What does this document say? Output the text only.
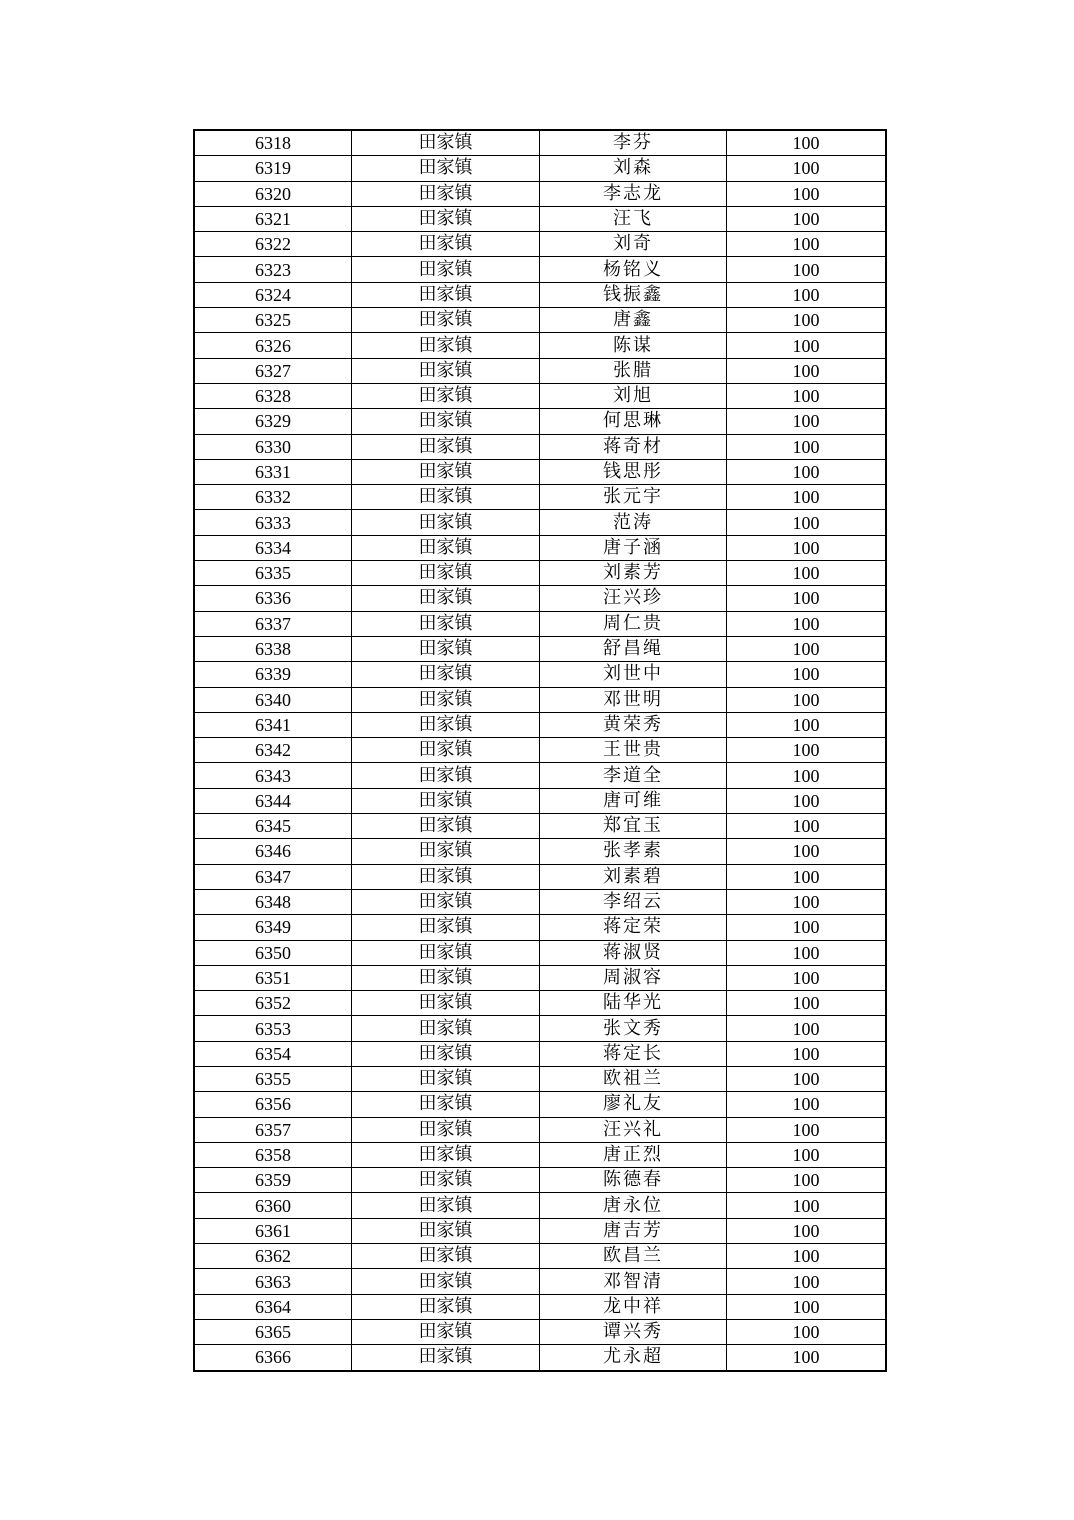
6318	田家镇	李芬	100
6319	田家镇	刘森	100
6320	田家镇	李志龙	100
6321	田家镇	汪飞	100
6322	田家镇	刘奇	100
6323	田家镇	杨铭义	100
6324	田家镇	钱振鑫	100
6325	田家镇	唐鑫	100
6326	田家镇	陈谋	100
6327	田家镇	张腊	100
6328	田家镇	刘旭	100
6329	田家镇	何思琳	100
6330	田家镇	蒋奇材	100
6331	田家镇	钱思彤	100
6332	田家镇	张元宇	100
6333	田家镇	范涛	100
6334	田家镇	唐子涵	100
6335	田家镇	刘素芳	100
6336	田家镇	汪兴珍	100
6337	田家镇	周仁贵	100
6338	田家镇	舒昌绳	100
6339	田家镇	刘世中	100
6340	田家镇	邓世明	100
6341	田家镇	黄荣秀	100
6342	田家镇	王世贵	100
6343	田家镇	李道全	100
6344	田家镇	唐可维	100
6345	田家镇	郑宜玉	100
6346	田家镇	张孝素	100
6347	田家镇	刘素碧	100
6348	田家镇	李绍云	100
6349	田家镇	蒋定荣	100
6350	田家镇	蒋淑贤	100
6351	田家镇	周淑容	100
6352	田家镇	陆华光	100
6353	田家镇	张文秀	100
6354	田家镇	蒋定长	100
6355	田家镇	欧祖兰	100
6356	田家镇	廖礼友	100
6357	田家镇	汪兴礼	100
6358	田家镇	唐正烈	100
6359	田家镇	陈德春	100
6360	田家镇	唐永位	100
6361	田家镇	唐吉芳	100
6362	田家镇	欧昌兰	100
6363	田家镇	邓智清	100
6364	田家镇	龙中祥	100
6365	田家镇	谭兴秀	100
6366	田家镇	尤永超	100
